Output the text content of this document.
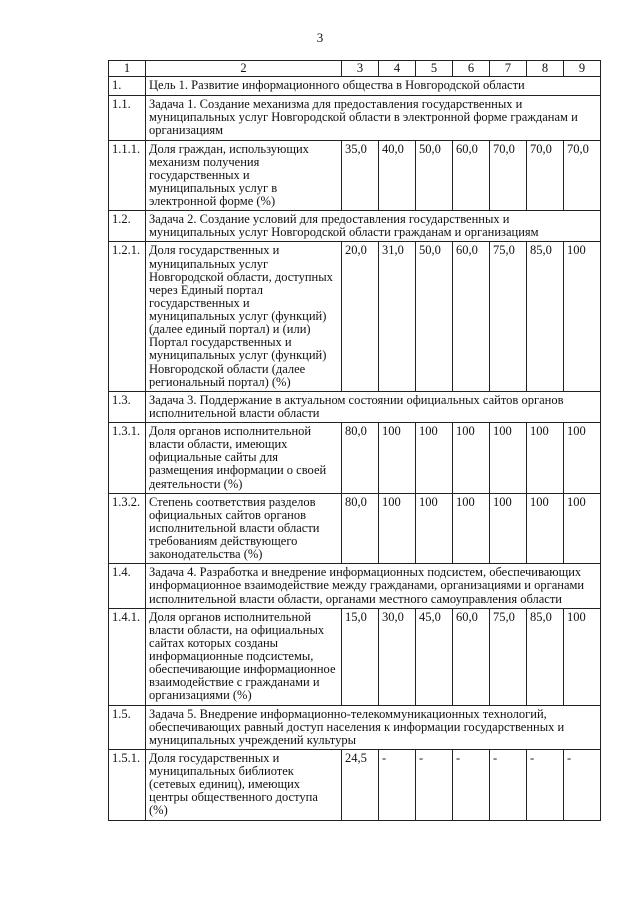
3
1	2	3	4	5	6	7	8	9
1.	Цель 1. Развитие информационного общества в Новгородской области							
1.1.	Задача 1. Создание механизма для предоставления государственных и муниципальных услуг Новгородской области в электронной форме гражданам и организациям							
1.1.1.	Доля граждан, использующих механизм получения государственных и муниципальных услуг в электронной форме (%)	35,0	40,0	50,0	60,0	70,0	70,0	70,0
1.2.	Задача 2. Создание условий для предоставления государственных и муниципальных услуг Новгородской области гражданам и организациям							
1.2.1.	Доля государственных и муниципальных услуг Новгородской области, доступных через Единый портал государственных и муниципальных услуг (функций) (далее единый портал) и (или) Портал государственных и муниципальных услуг (функций) Новгородской области (далее региональный портал) (%)	20,0	31,0	50,0	60,0	75,0	85,0	100
1.3.	Задача 3. Поддержание в актуальном состоянии официальных сайтов органов исполнительной власти области							
1.3.1.	Доля органов исполнительной власти области, имеющих официальные сайты для размещения информации о своей деятельности (%)	80,0	100	100	100	100	100	100
1.3.2.	Степень соответствия разделов официальных сайтов органов исполнительной власти области требованиям действующего законодательства (%)	80,0	100	100	100	100	100	100
1.4.	Задача 4. Разработка и внедрение информационных подсистем, обеспечивающих информационное взаимодействие между гражданами, организациями и органами исполнительной власти области, органами местного самоуправления области							
1.4.1.	Доля органов исполнительной власти области, на официальных сайтах которых созданы информационные подсистемы, обеспечивающие информационное взаимодействие с гражданами и организациями (%)	15,0	30,0	45,0	60,0	75,0	85,0	100
1.5.	Задача 5. Внедрение информационно-телекоммуникационных технологий, обеспечивающих равный доступ населения к информации государственных и муниципальных учреждений культуры							
1.5.1.	Доля государственных и муниципальных библиотек (сетевых единиц), имеющих центры общественного доступа (%)	24,5	-	-	-	-	-	-
